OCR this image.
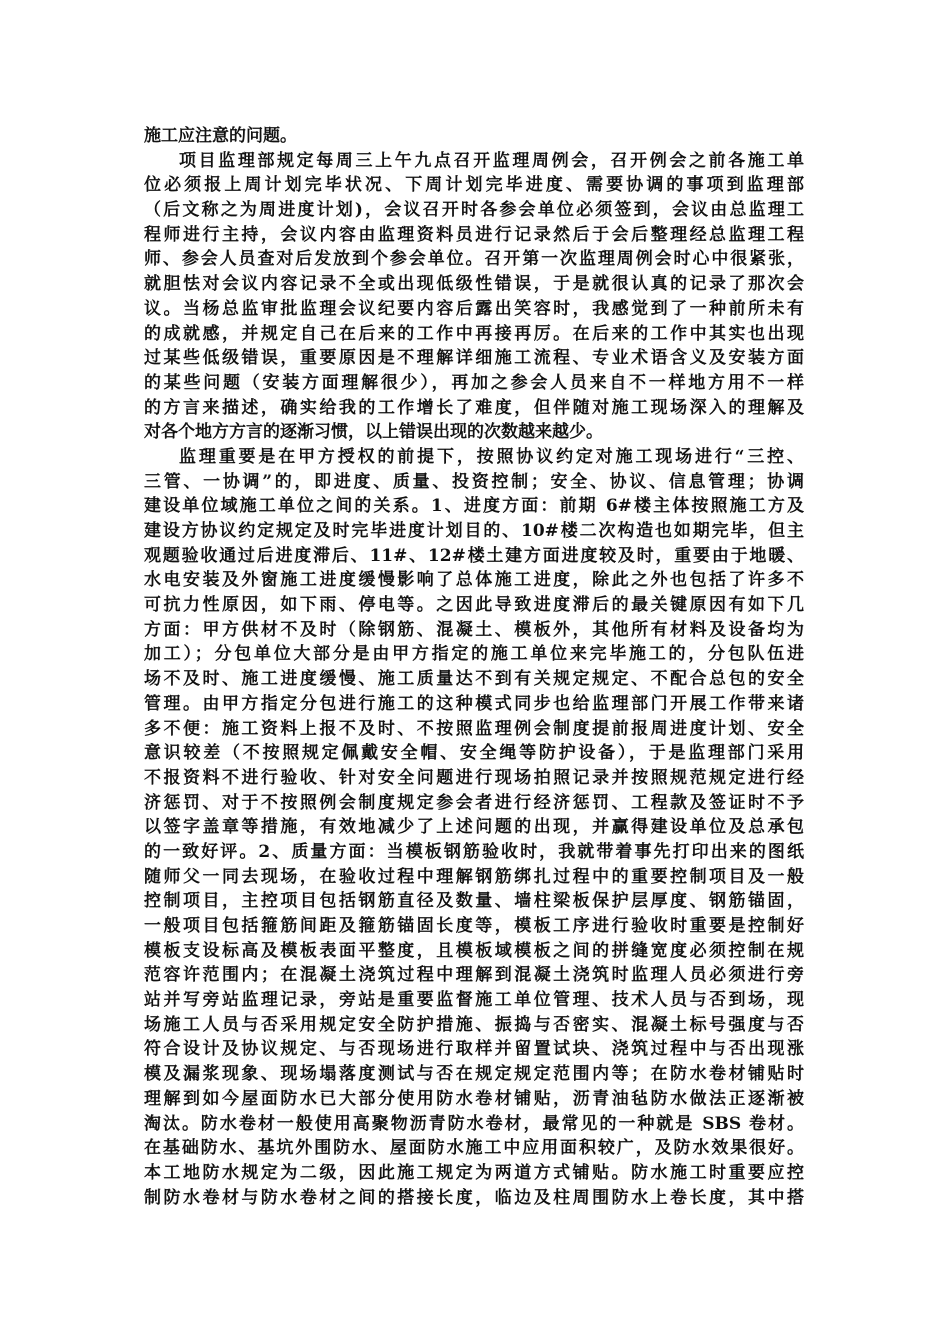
施工应注意的问题。
项目监理部规定每周三上午九点召开监理周例会，召开例会之前各施工单
位必须报上周计划完毕状况、下周计划完毕进度、需要协调的事项到监理部
（后文称之为周进度计划)，会议召开时各参会单位必须签到，会议由总监理工
程师进行主持，会议内容由监理资料员进行记录然后于会后整理经总监理工程
师、参会人员查对后发放到个参会单位。召开第一次监理周例会时心中很紧张，
就胆怯对会议内容记录不全或出现低级性错误，于是就很认真的记录了那次会
议。当杨总监审批监理会议纪要内容后露出笑容时，我感觉到了一种前所未有
的成就感，并规定自己在后来的工作中再接再厉。在后来的工作中其实也出现
过某些低级错误，重要原因是不理解详细施工流程、专业术语含义及安装方面
的某些问题（安装方面理解很少），再加之参会人员来自不一样地方用不一样
的方言来描述，确实给我的工作增长了难度，但伴随对施工现场深入的理解及
对各个地方方言的逐渐习惯，以上错误出现的次数越来越少。
监理重要是在甲方授权的前提下，按照协议约定对施工现场进行“三控、
三管、一协调”的，即进度、质量、投资控制；安全、协议、信息管理；协调
建设单位域施工单位之间的关系。1、进度方面：前期 6#楼主体按照施工方及
建设方协议约定规定及时完毕进度计划目的、10#楼二次构造也如期完毕，但主
观题验收通过后进度滞后、11#、12#楼土建方面进度较及时，重要由于地暖、
水电安装及外窗施工进度缓慢影响了总体施工进度，除此之外也包括了许多不
可抗力性原因，如下雨、停电等。之因此导致进度滞后的最关键原因有如下几
方面：甲方供材不及时（除钢筋、混凝土、模板外，其他所有材料及设备均为
加工）；分包单位大部分是由甲方指定的施工单位来完毕施工的，分包队伍进
场不及时、施工进度缓慢、施工质量达不到有关规定规定、不配合总包的安全
管理。由甲方指定分包进行施工的这种模式同步也给监理部门开展工作带来诸
多不便：施工资料上报不及时、不按照监理例会制度提前报周进度计划、安全
意识较差（不按照规定佩戴安全帽、安全绳等防护设备），于是监理部门采用
不报资料不进行验收、针对安全问题进行现场拍照记录并按照规范规定进行经
济惩罚、对于不按照例会制度规定参会者进行经济惩罚、工程款及签证时不予
以签字盖章等措施，有效地减少了上述问题的出现，并赢得建设单位及总承包
的一致好评。2、质量方面：当模板钢筋验收时，我就带着事先打印出来的图纸
随师父一同去现场，在验收过程中理解钢筋绑扎过程中的重要控制项目及一般
控制项目，主控项目包括钢筋直径及数量、墙柱梁板保护层厚度、钢筋锚固，
一般项目包括箍筋间距及箍筋锚固长度等，模板工序进行验收时重要是控制好
模板支设标高及模板表面平整度，且模板域模板之间的拼缝宽度必须控制在规
范容许范围内；在混凝土浇筑过程中理解到混凝土浇筑时监理人员必须进行旁
站并写旁站监理记录，旁站是重要监督施工单位管理、技术人员与否到场，现
场施工人员与否采用规定安全防护措施、振捣与否密实、混凝土标号强度与否
符合设计及协议规定、与否现场进行取样并留置试块、浇筑过程中与否出现涨
模及漏浆现象、现场塌落度测试与否在规定规定范围内等；在防水卷材铺贴时
理解到如今屋面防水已大部分使用防水卷材铺贴，沥青油毡防水做法正逐渐被
淘汰。防水卷材一般使用高聚物沥青防水卷材，最常见的一种就是 SBS 卷材。
在基础防水、基坑外围防水、屋面防水施工中应用面积较广，及防水效果很好。
本工地防水规定为二级，因此施工规定为两道方式铺贴。防水施工时重要应控
制防水卷材与防水卷材之间的搭接长度，临边及柱周围防水上卷长度，其中搭
